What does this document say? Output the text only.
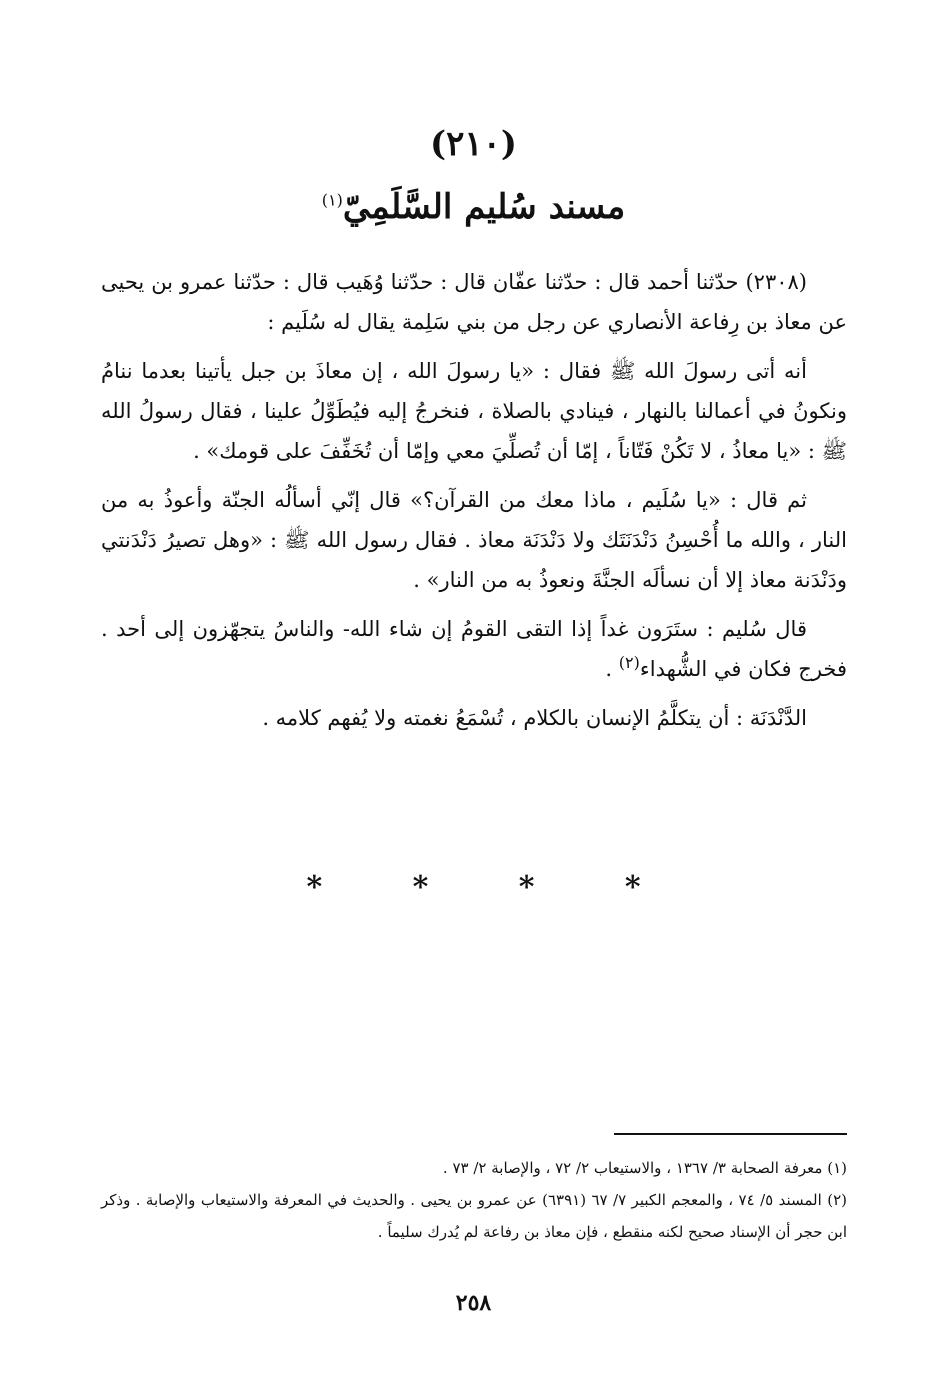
(٢١٠)
مسند سُليم السَّلَمِيّ$^{(١)}$

(٢٣٠٨) حدّثنا أحمد قال : حدّثنا عفّان قال : حدّثنا وُهَيب قال : حدّثنا عمرو بن يحيى عن معاذ بن رِفاعة الأنصاري عن رجل من بني سَلِمة يقال له سُلَيم :

أنه أتى رسولَ الله ﷺ فقال : «يا رسولَ الله ، إن معاذَ بن جبل يأتينا بعدما ننامُ ونكونُ في أعمالنا بالنهار ، فينادي بالصلاة ، فنخرجُ إليه فيُطَوِّلُ علينا ، فقال رسولُ الله ﷺ : «يا معاذُ ، لا تَكُنْ فَتّاناً ، إمّا أن تُصلِّيَ معي وإمّا أن تُخَفِّفَ على قومك» .

ثم قال : «يا سُلَيم ، ماذا معك من القرآن؟» قال إنّي أسألُه الجنّة وأعوذُ به من النار ، والله ما أُحْسِنُ دَنْدَنَتَك ولا دَنْدَنَة معاذ . فقال رسول الله ﷺ : «وهل تصيرُ دَنْدَنتي ودَنْدَنة معاذ إلا أن نسألَه الجنَّةَ ونعوذُ به من النار» .

قال سُليم : ستَرَون غداً إذا التقى القومُ إن شاء الله- والناسُ يتجهّزون إلى أحد . فخرج فكان في الشُّهداء$^{(٢)}$ .

الدَّنْدَنَة : أن يتكلَّمُ الإنسان بالكلام ، تُسْمَعُ نغمته ولا يُفهم كلامه .

* * * *

(١) معرفة الصحابة ٣/ ١٣٦٧ ، والاستيعاب ٢/ ٧٢ ، والإصابة ٢/ ٧٣ .

(٢) المسند ٥/ ٧٤ ، والمعجم الكبير ٧/ ٦٧ (٦٣٩١) عن عمرو بن يحيى . والحديث في المعرفة والاستيعاب والإصابة . وذكر ابن حجر أن الإسناد صحيح لكنه منقطع ، فإن معاذ بن رفاعة لم يُدرك سليماً .

٢٥٨
